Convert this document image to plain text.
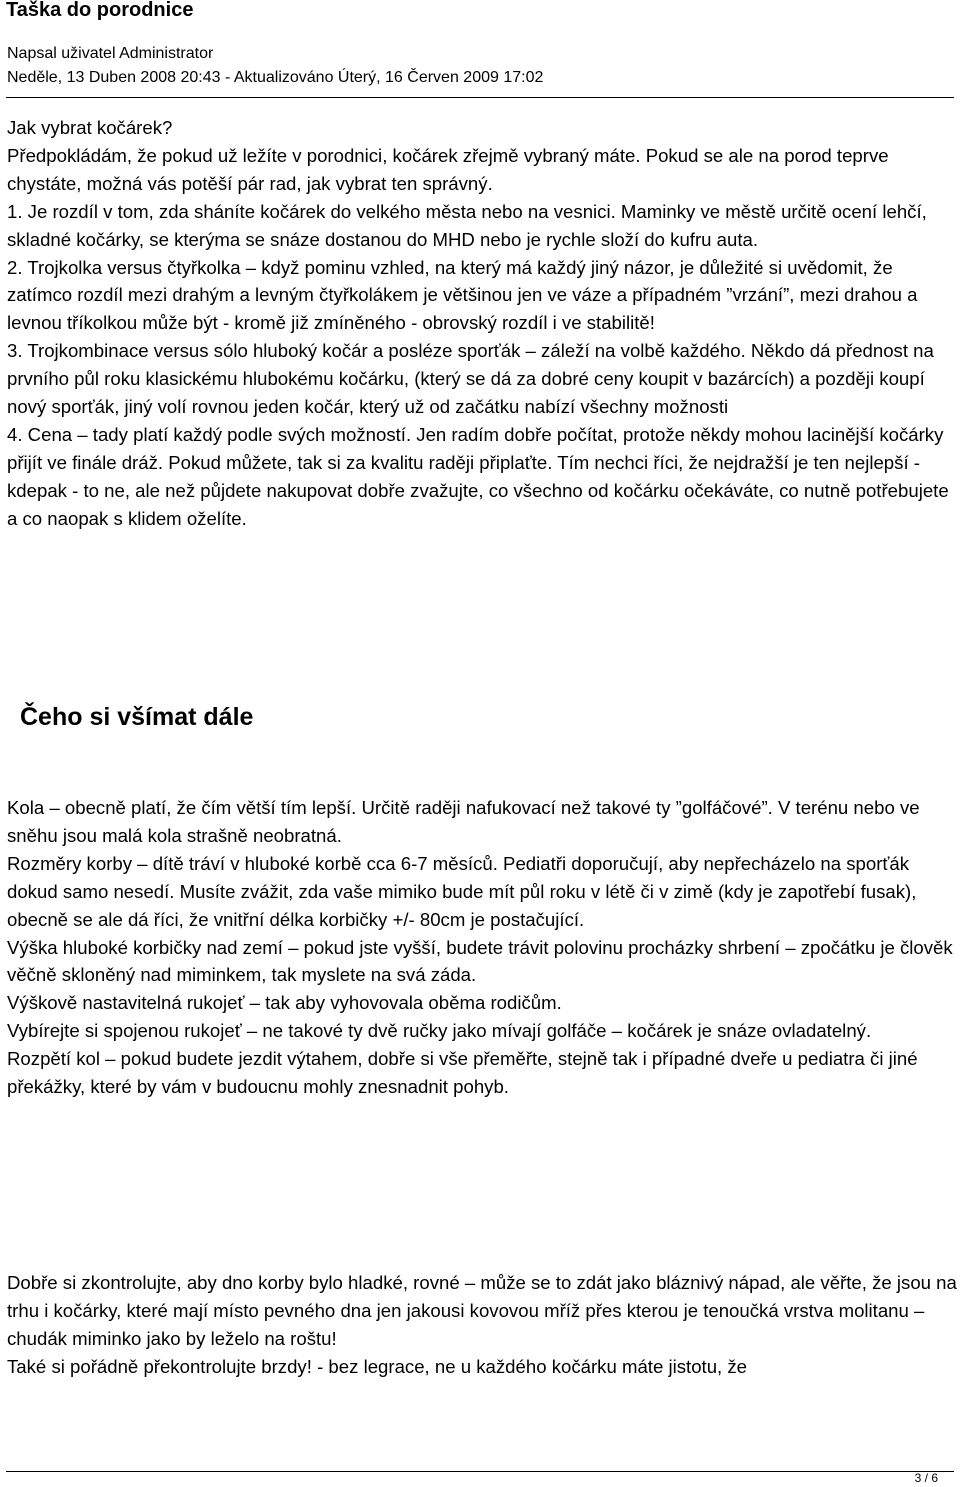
Taška do porodnice
Napsal uživatel Administrator
Neděle, 13 Duben 2008 20:43 - Aktualizováno Úterý, 16 Červen 2009 17:02

Jak vybrat kočárek?

Předpokládám, že pokud už ležíte v porodnici, kočárek zřejmě vybraný máte. Pokud se ale na porod teprve chystáte, možná vás potěší pár rad, jak vybrat ten správný.

1. Je rozdíl v tom, zda sháníte kočárek do velkého města nebo na vesnici. Maminky ve městě určitě ocení lehčí, skladné kočárky, se kterýma se snáze dostanou do MHD nebo je rychle složí do kufru auta.

2. Trojkolka versus čtyřkolka – když pominu vzhled, na který má každý jiný názor, je důležité si uvědomit, že zatímco rozdíl mezi drahým a levným čtyřkolákem je většinou jen ve váze a případném ”vrzání”, mezi drahou a levnou tříkolkou může být - kromě již zmíněného - obrovský rozdíl i ve stabilitě!

3. Trojkombinace versus sólo hluboký kočár a posléze sporťák – záleží na volbě každého. Někdo dá přednost na prvního půl roku klasickému hlubokému kočárku, (který se dá za dobré ceny koupit v bazárcích) a později koupí nový sporťák, jiný volí rovnou jeden kočár, který už od začátku nabízí všechny možnosti

4. Cena – tady platí každý podle svých možností. Jen radím dobře počítat, protože někdy mohou lacinější kočárky přijít ve finále dráž. Pokud můžete, tak si za kvalitu raději připlaťte. Tím nechci říci, že nejdražší je ten nejlepší - kdepak - to ne, ale než půjdete nakupovat dobře zvažujte, co všechno od kočárku očekáváte, co nutně potřebujete a co naopak s klidem oželíte.

Čeho si všímat dále

Kola – obecně platí, že čím větší tím lepší. Určitě raději nafukovací než takové ty ”golfáčové”. V terénu nebo ve sněhu jsou malá kola strašně neobratná.

Rozměry korby – dítě tráví v hluboké korbě cca 6-7 měsíců. Pediatři doporučují, aby nepřecházelo na sporťák dokud samo nesedí. Musíte zvážit, zda vaše mimiko bude mít půl roku v létě či v zimě (kdy je zapotřebí fusak), obecně se ale dá říci, že vnitřní délka korbičky +/- 80cm je postačující.

Výška hluboké korbičky nad zemí – pokud jste vyšší, budete trávit polovinu procházky shrbení – zpočátku je člověk věčně skloněný nad miminkem, tak myslete na svá záda.

Výškově nastavitelná rukojeť – tak aby vyhovovala oběma rodičům.

Vybírejte si spojenou rukojeť – ne takové ty dvě ručky jako mívají golfáče – kočárek je snáze ovladatelný.

Rozpětí kol – pokud budete jezdit výtahem, dobře si vše přeměřte, stejně tak i případné dveře u pediatra či jiné překážky, které by vám v budoucnu mohly znesnadnit pohyb.

Dobře si zkontrolujte, aby dno korby bylo hladké, rovné – může se to zdát jako bláznivý nápad, ale věřte, že jsou na trhu i kočárky, které mají místo pevného dna jen jakousi kovovou mříž přes kterou je tenoučká vrstva molitanu – chudák miminko jako by leželo na roštu!

Také si pořádně překontrolujte brzdy! - bez legrace, ne u každého kočárku máte jistotu, že

3 / 6
